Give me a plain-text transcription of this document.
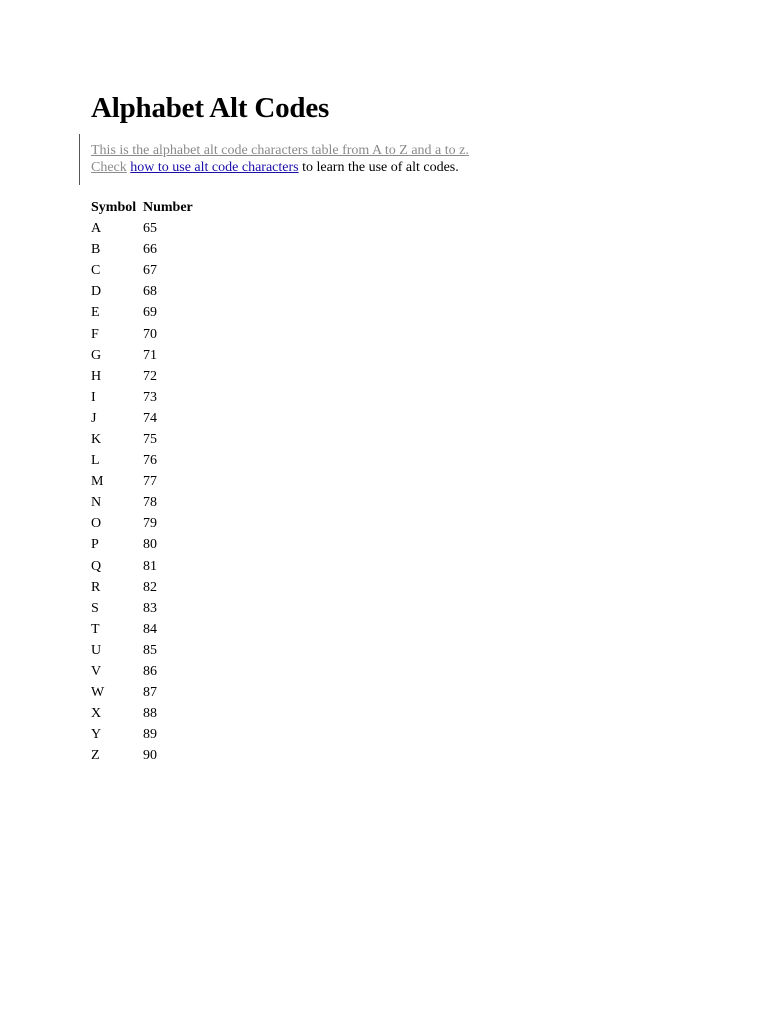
Alphabet Alt Codes
This is the alphabet alt code characters table from A to Z and a to z.
Check how to use alt code characters to learn the use of alt codes.
Symbol	Number
A	65
B	66
C	67
D	68
E	69
F	70
G	71
H	72
I	73
J	74
K	75
L	76
M	77
N	78
O	79
P	80
Q	81
R	82
S	83
T	84
U	85
V	86
W	87
X	88
Y	89
Z	90
